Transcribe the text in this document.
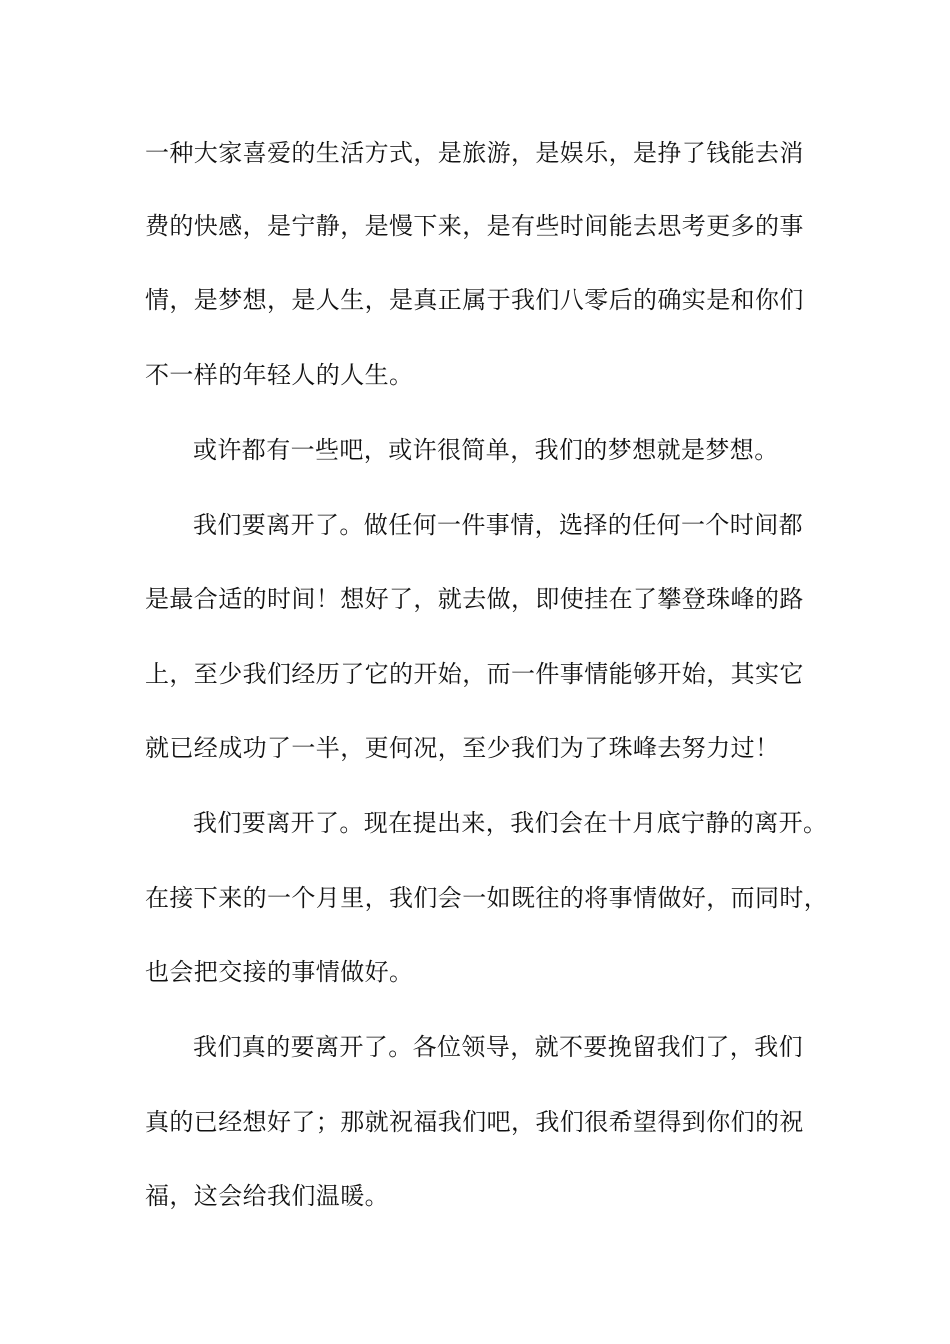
一种大家喜爱的生活方式，是旅游，是娱乐，是挣了钱能去消
费的快感，是宁静，是慢下来，是有些时间能去思考更多的事
情，是梦想，是人生，是真正属于我们八零后的确实是和你们
不一样的年轻人的人生。
或许都有一些吧，或许很简单，我们的梦想就是梦想。
我们要离开了。做任何一件事情，选择的任何一个时间都
是最合适的时间！想好了，就去做，即使挂在了攀登珠峰的路
上，至少我们经历了它的开始，而一件事情能够开始，其实它
就已经成功了一半，更何况，至少我们为了珠峰去努力过！
我们要离开了。现在提出来，我们会在十月底宁静的离开。
在接下来的一个月里，我们会一如既往的将事情做好，而同时，
也会把交接的事情做好。
我们真的要离开了。各位领导，就不要挽留我们了，我们
真的已经想好了；那就祝福我们吧，我们很希望得到你们的祝
福，这会给我们温暖。
